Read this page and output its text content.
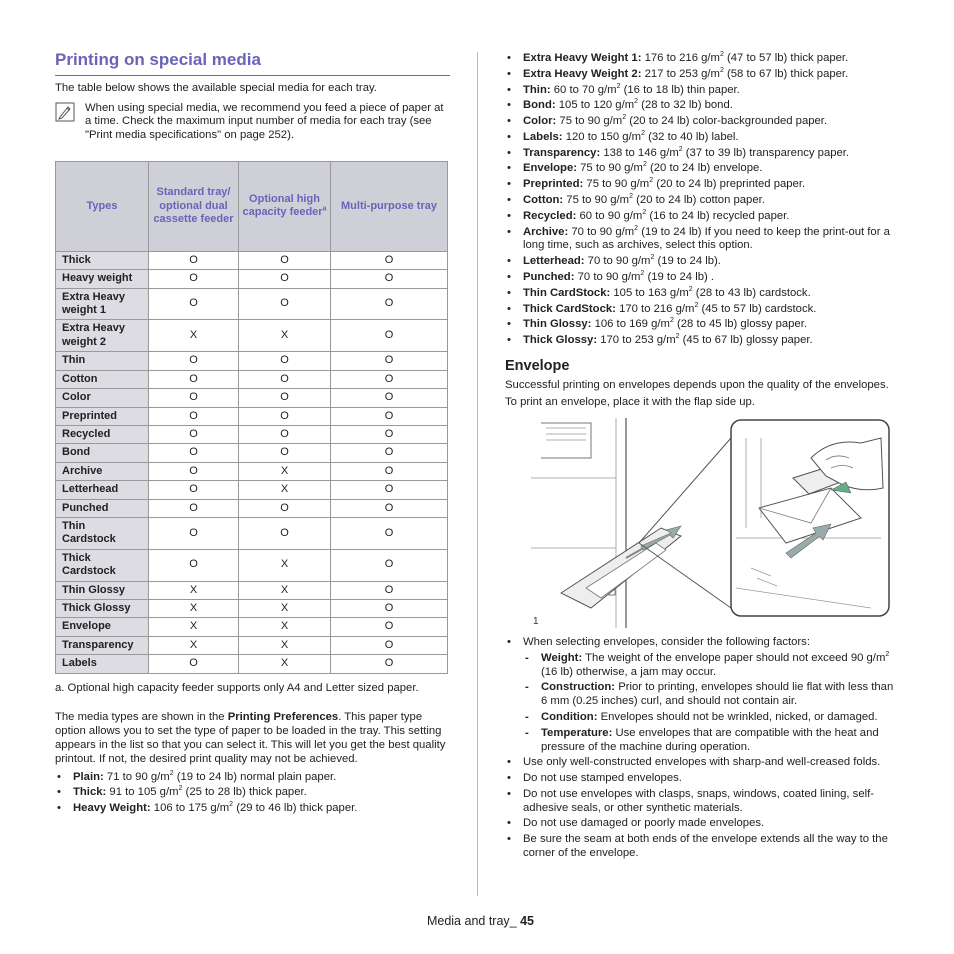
Printing on special media

The table below shows the available special media for each tray.

When using special media, we recommend you feed a piece of paper at a time. Check the maximum input number of media for each tray (see "Print media specifications" on page 252).
Types	Standard tray/ optional dual cassette feeder	Optional high capacity feeder$^a$	Multi-purpose tray
Thick	O	O	O
Heavy weight	O	O	O
Extra Heavy weight 1	O	O	O
Extra Heavy weight 2	X	X	O
Thin	O	O	O
Cotton	O	O	O
Color	O	O	O
Preprinted	O	O	O
Recycled	O	O	O
Bond	O	O	O
Archive	O	X	O
Letterhead	O	X	O
Punched	O	O	O
Thin Cardstock	O	O	O
Thick Cardstock	O	X	O
Thin Glossy	X	X	O
Thick Glossy	X	X	O
Envelope	X	X	O
Transparency	X	X	O
Labels	O	X	O

a. Optional high capacity feeder supports only A4 and Letter sized paper.

The media types are shown in the Printing Preferences. This paper type option allows you to set the type of paper to be loaded in the tray. This setting appears in the list so that you can select it. This will let you get the best quality printout. If not, the desired print quality may not be achieved.

• Plain: 71 to 90 $g/m^2$ (19 to 24 lb) normal plain paper.
• Thick: 91 to 105 $g/m^2$ (25 to 28 lb) thick paper.
• Heavy Weight: 106 to 175 $g/m^2$ (29 to 46 lb) thick paper.
• Extra Heavy Weight 1: 176 to 216 $g/m^2$ (47 to 57 lb) thick paper.
• Extra Heavy Weight 2: 217 to 253 $g/m^2$ (58 to 67 lb) thick paper.
• Thin: 60 to 70 $g/m^2$ (16 to 18 lb) thin paper.
• Bond: 105 to 120 $g/m^2$ (28 to 32 lb) bond.
• Color: 75 to 90 $g/m^2$ (20 to 24 lb) color-backgrounded paper.
• Labels: 120 to 150 $g/m^2$ (32 to 40 lb) label.
• Transparency: 138 to 146 $g/m^2$ (37 to 39 lb) transparency paper.
• Envelope: 75 to 90 $g/m^2$ (20 to 24 lb) envelope.
• Preprinted: 75 to 90 $g/m^2$ (20 to 24 lb) preprinted paper.
• Cotton: 75 to 90 $g/m^2$ (20 to 24 lb) cotton paper.
• Recycled: 60 to 90 $g/m^2$ (16 to 24 lb) recycled paper.
• Archive: 70 to 90 $g/m^2$ (19 to 24 lb) If you need to keep the print-out for a long time, such as archives, select this option.
• Letterhead: 70 to 90 $g/m^2$ (19 to 24 lb).
• Punched: 70 to 90 $g/m^2$ (19 to 24 lb) .
• Thin CardStock: 105 to 163 $g/m^2$ (28 to 43 lb) cardstock.
• Thick CardStock: 170 to 216 $g/m^2$ (45 to 57 lb) cardstock.
• Thin Glossy: 106 to 169 $g/m^2$ (28 to 45 lb) glossy paper.
• Thick Glossy: 170 to 253 $g/m^2$ (45 to 67 lb) glossy paper.
Envelope

Successful printing on envelopes depends upon the quality of the envelopes.

To print an envelope, place it with the flap side up.

1
• When selecting envelopes, consider the following factors:
- Weight: The weight of the envelope paper should not exceed 90 $g/m^2$ (16 lb) otherwise, a jam may occur.
- Construction: Prior to printing, envelopes should lie flat with less than 6 mm (0.25 inches) curl, and should not contain air.
- Condition: Envelopes should not be wrinkled, nicked, or damaged.
- Temperature: Use envelopes that are compatible with the heat and pressure of the machine during operation.
• Use only well-constructed envelopes with sharp-and well-creased folds.
• Do not use stamped envelopes.
• Do not use envelopes with clasps, snaps, windows, coated lining, self-adhesive seals, or other synthetic materials.
• Do not use damaged or poorly made envelopes.
• Be sure the seam at both ends of the envelope extends all the way to the corner of the envelope.
Media and tray_ 45
